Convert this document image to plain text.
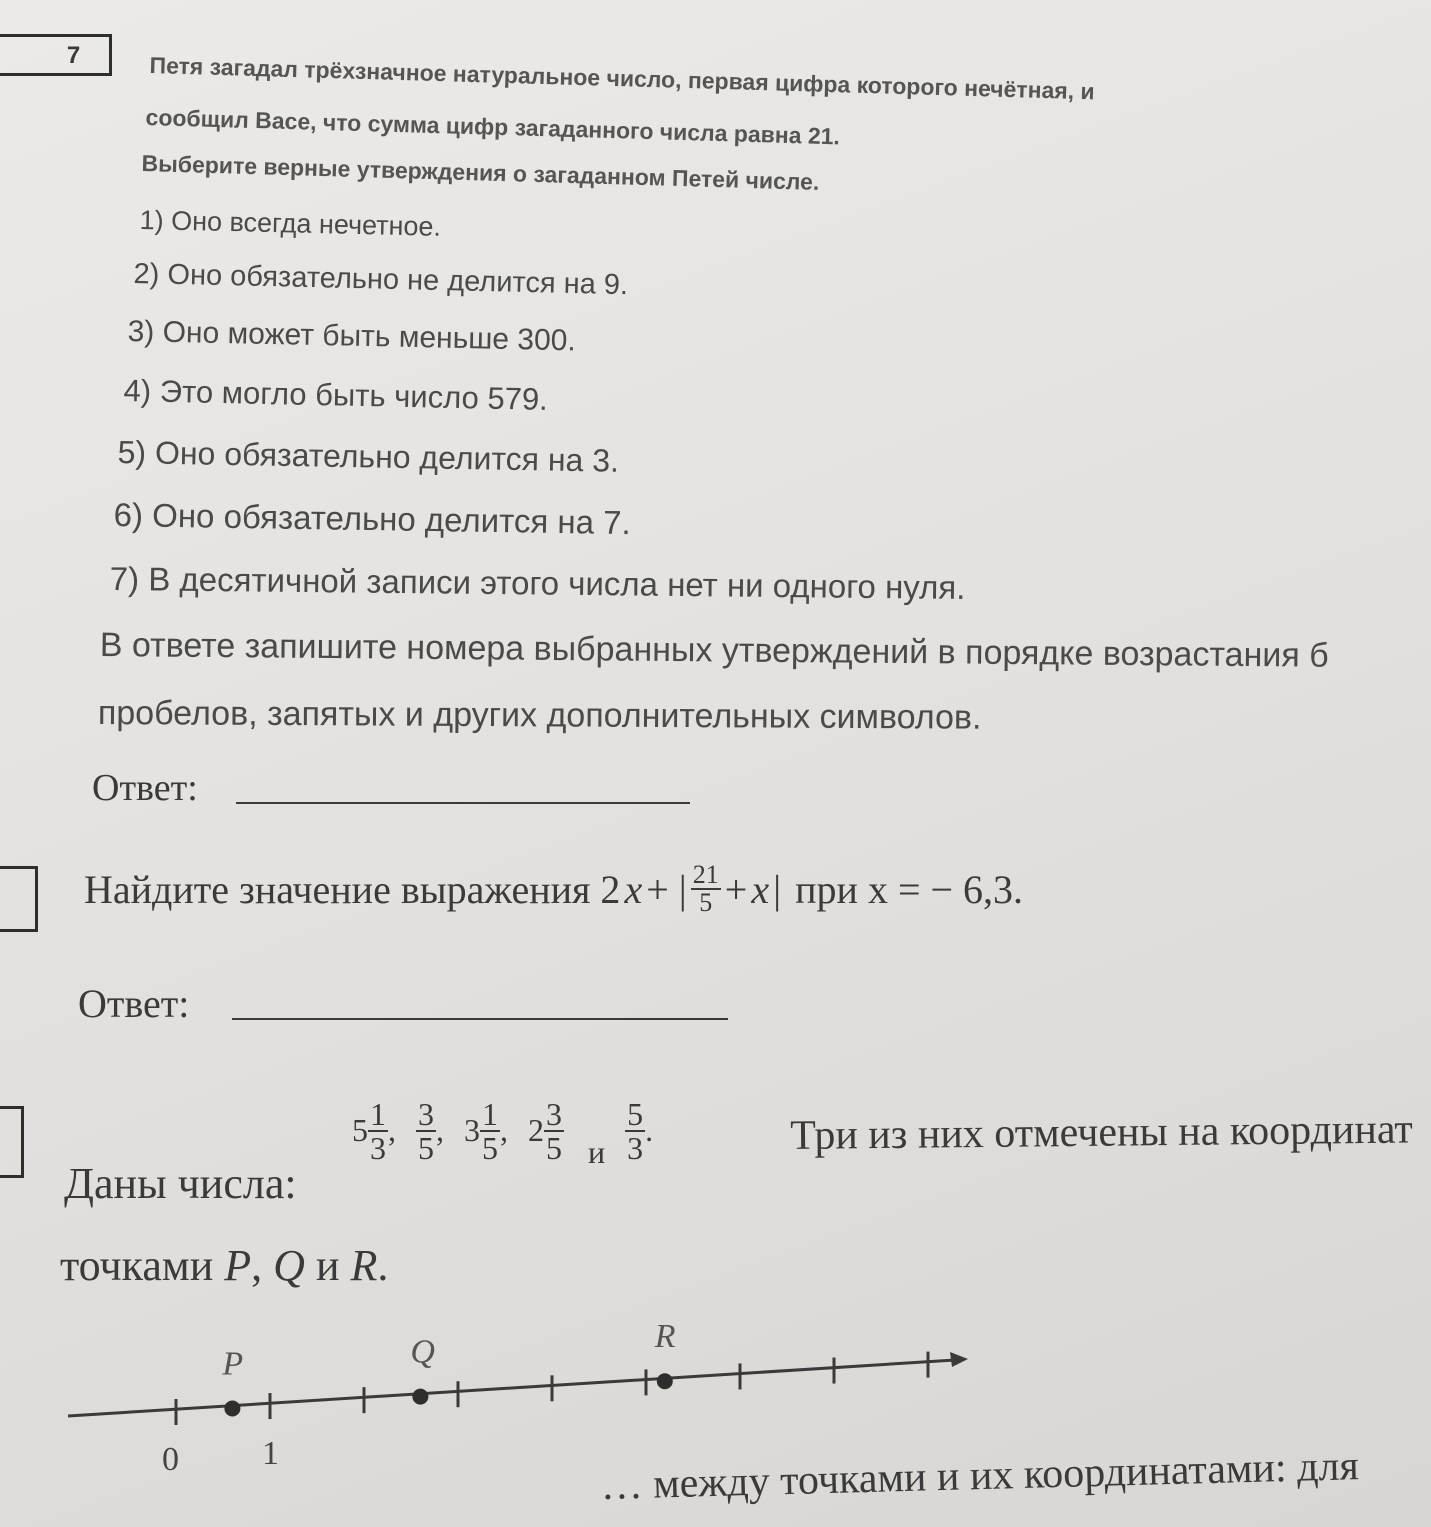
7	Петя загадал трёхзначное натуральное число, первая цифра которого нечётная, и
сообщил Васе, что сумма цифр загаданного числа равна 21.
Выберите верные утверждения о загаданном Петей числе.
1) Оно всегда нечетное.
2) Оно обязательно не делится на 9.
3) Оно может быть меньше 300.
4) Это могло быть число 579.
5) Оно обязательно делится на 3.
6) Оно обязательно делится на 7.
7) В десятичной записи этого числа нет ни одного нуля.
В ответе запишите номера выбранных утверждений в порядке возрастания б
пробелов, запятых и других дополнительных символов.
Ответ:
Найдите значение выражения 2 x + | $\frac{21}{5} + x$ | при x = − 6,3.
Ответ:
Даны числа:
$5 \frac{1}{3}$ , $\frac{3}{5}$ , $3 \frac{1}{5}$ , $2 \frac{3}{5}$ и $\frac{5}{3}$ .	Три из них отмечены на координат
точками P, Q и R.
P	Q	R
0 1	… между точками и их координатами: для
